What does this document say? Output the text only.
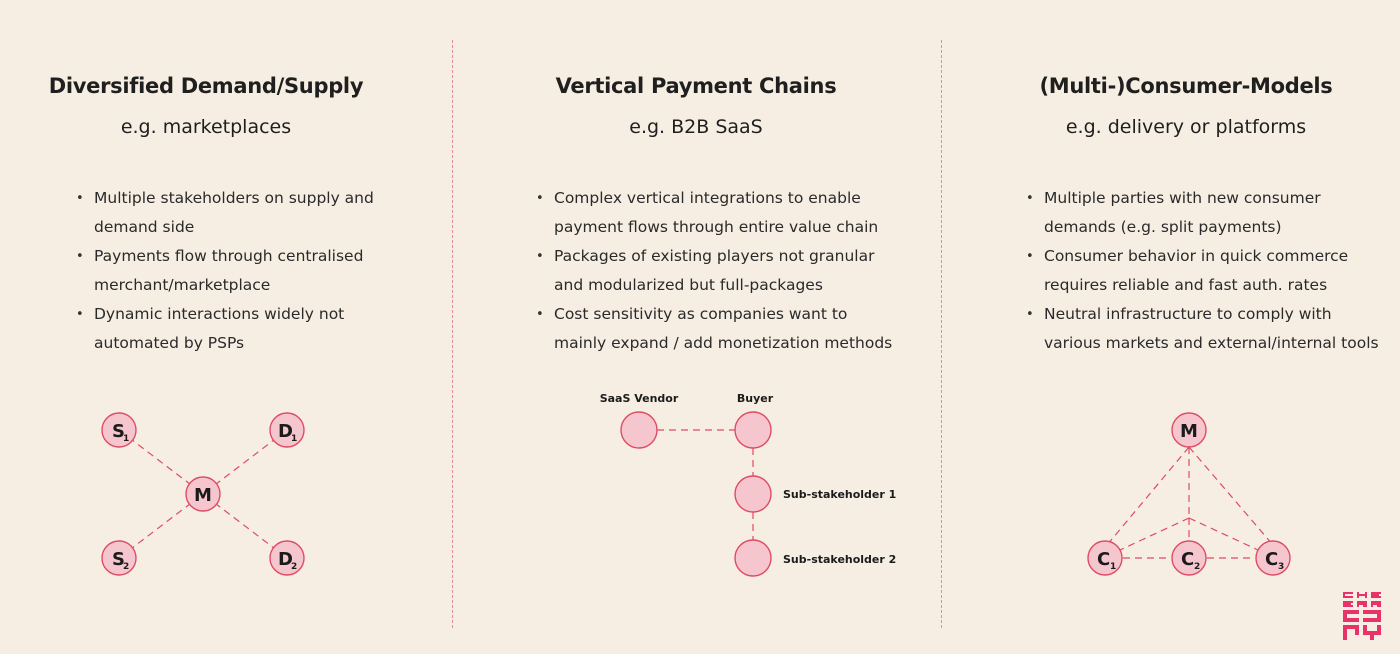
Diversified Demand/Supply

e.g. marketplaces

• Multiple stakeholders on supply and
demand side
• Payments flow through centralised
merchant/marketplace
• Dynamic interactions widely not
automated by PSPs
Vertical Payment Chains

e.g. B2B SaaS

• Complex vertical integrations to enable
payment flows through entire value chain
• Packages of existing players not granular
and modularized but full-packages
• Cost sensitivity as companies want to
mainly expand / add monetization methods
(Multi-)Consumer-Models

e.g. delivery or platforms

• Multiple parties with new consumer
demands (e.g. split payments)
• Consumer behavior in quick commerce
requires reliable and fast auth. rates
• Neutral infrastructure to comply with
various markets and external/internal tools
S
1	D
1
M
S
2	D
2
SaaS Vendor	Buyer
Sub-stakeholder 1
Sub-stakeholder 2
M
C 1	C 2	C 3
